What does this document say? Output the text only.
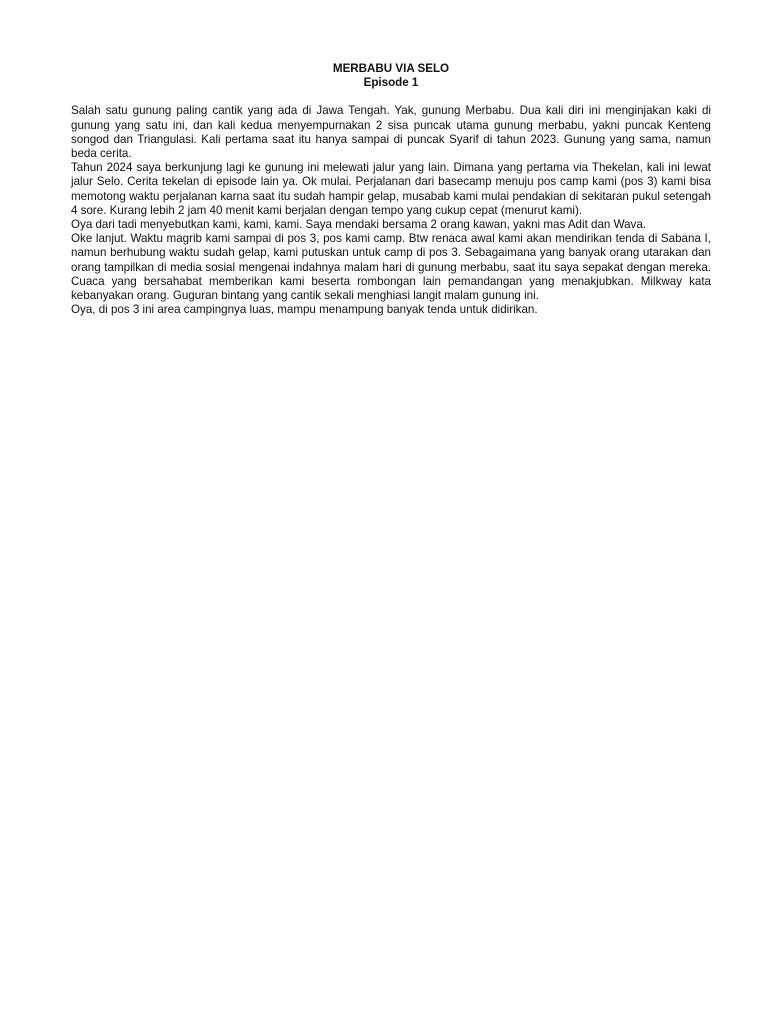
MERBABU VIA SELO

Episode 1

Salah satu gunung paling cantik yang ada di Jawa Tengah. Yak, gunung Merbabu. Dua kali diri ini menginjakan kaki di gunung yang satu ini, dan kali kedua menyempurnakan 2 sisa puncak utama gunung merbabu, yakni puncak Kenteng songod dan Triangulasi. Kali pertama saat itu hanya sampai di puncak Syarif di tahun 2023. Gunung yang sama, namun beda cerita.

Tahun 2024 saya berkunjung lagi ke gunung ini melewati jalur yang lain. Dimana yang pertama via Thekelan, kali ini lewat jalur Selo. Cerita tekelan di episode lain ya. Ok mulai. Perjalanan dari basecamp menuju pos camp kami (pos 3) kami bisa memotong waktu perjalanan karna saat itu sudah hampir gelap, musabab kami mulai pendakian di sekitaran pukul setengah 4 sore. Kurang lebih 2 jam 40 menit kami berjalan dengan tempo yang cukup cepat (menurut kami).

Oya dari tadi menyebutkan kami, kami, kami. Saya mendaki bersama 2 orang kawan, yakni mas Adit dan Wava.

Oke lanjut. Waktu magrib kami sampai di pos 3, pos kami camp. Btw renaca awal kami akan mendirikan tenda di Sabana I, namun berhubung waktu sudah gelap, kami putuskan untuk camp di pos 3. Sebagaimana yang banyak orang utarakan dan orang tampilkan di media sosial mengenai indahnya malam hari di gunung merbabu, saat itu saya sepakat dengan mereka. Cuaca yang bersahabat memberikan kami beserta rombongan lain pemandangan yang menakjubkan. Milkway kata kebanyakan orang. Guguran bintang yang cantik sekali menghiasi langit malam gunung ini.

Oya, di pos 3 ini area campingnya luas, mampu menampung banyak tenda untuk didirikan.
